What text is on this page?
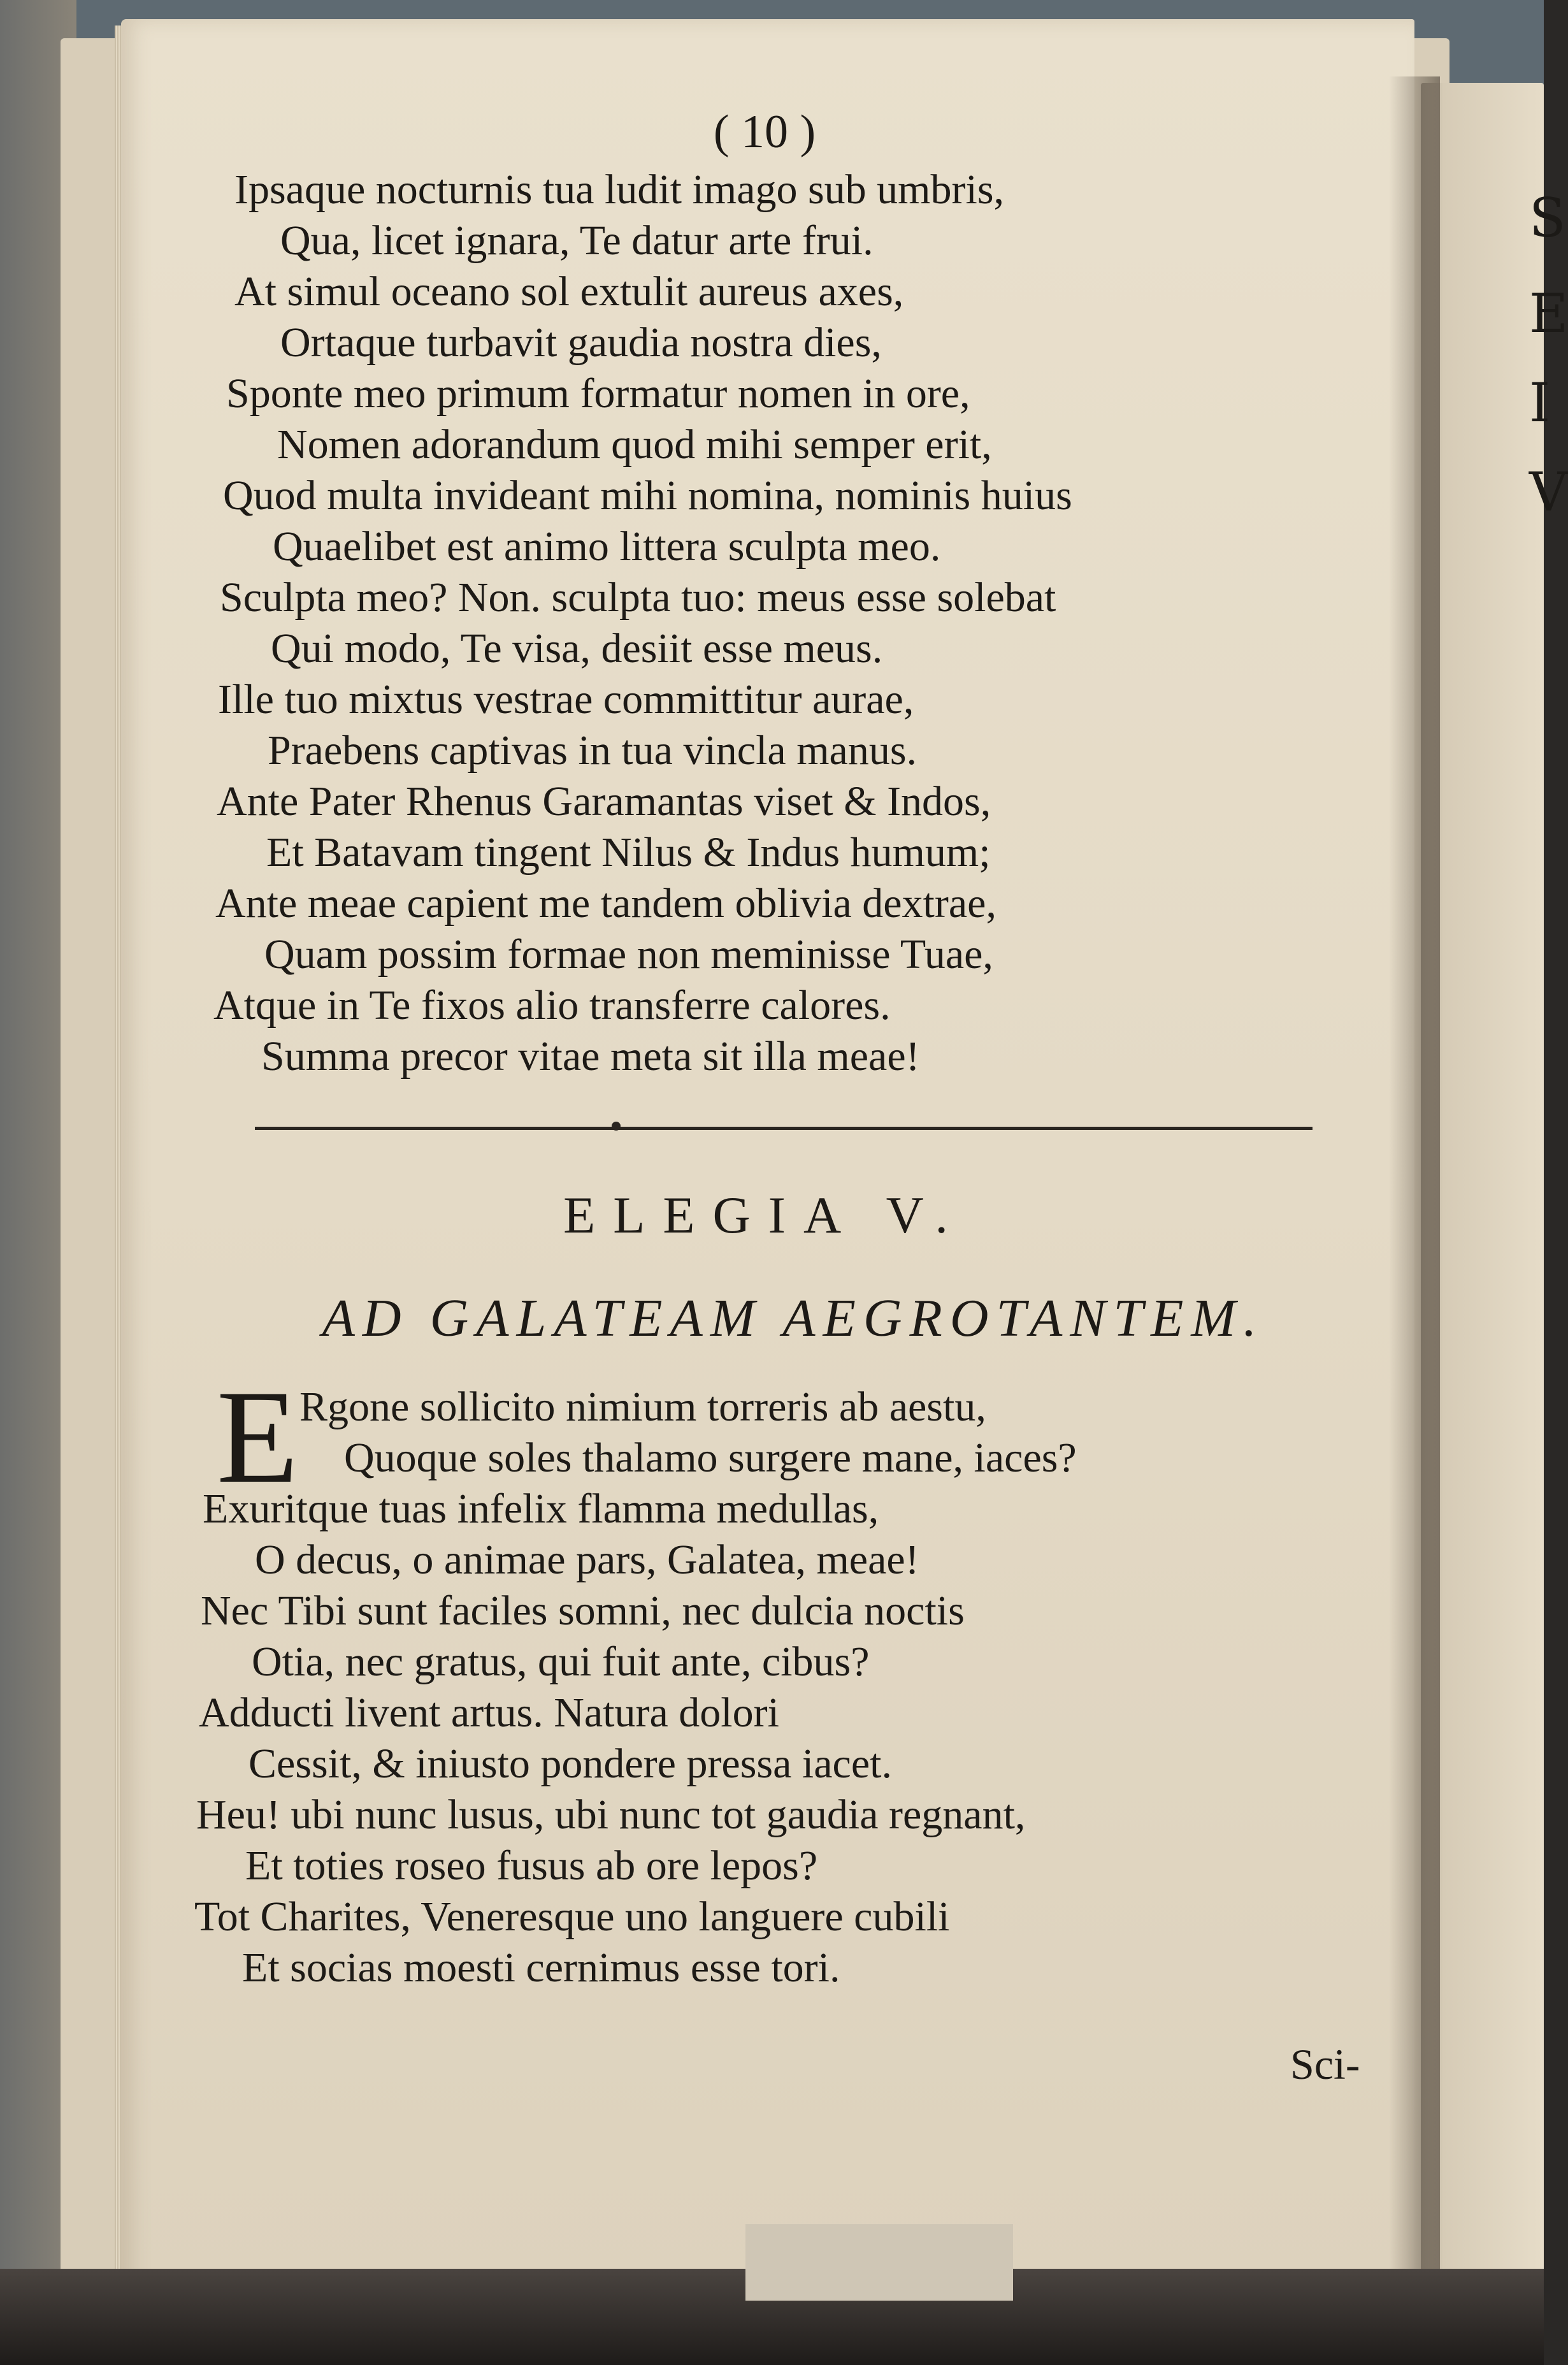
S
E
I
V
( 10 )
Ipsaque nocturnis tua ludit imago sub umbris,
Qua, licet ignara, Te datur arte frui.
At simul oceano sol extulit aureus axes,
Ortaque turbavit gaudia nostra dies,
Sponte meo primum formatur nomen in ore,
Nomen adorandum quod mihi semper erit,
Quod multa invideant mihi nomina, nominis huius
Quaelibet est animo littera sculpta meo.
Sculpta meo? Non. sculpta tuo: meus esse solebat
Qui modo, Te visa, desiit esse meus.
Ille tuo mixtus vestrae committitur aurae,
Praebens captivas in tua vincla manus.
Ante Pater Rhenus Garamantas viset & Indos,
Et Batavam tingent Nilus & Indus humum;
Ante meae capient me tandem oblivia dextrae,
Quam possim formae non meminisse Tuae,
Atque in Te fixos alio transferre calores.
Summa precor vitae meta sit illa meae!
ELEGIA V.
AD GALATEAM AEGROTANTEM.
E Rgone sollicito nimium torreris ab aestu,
Quoque soles thalamo surgere mane, iaces?
Exuritque tuas infelix flamma medullas,
O decus, o animae pars, Galatea, meae!
Nec Tibi sunt faciles somni, nec dulcia noctis
Otia, nec gratus, qui fuit ante, cibus?
Adducti livent artus. Natura dolori
Cessit, & iniusto pondere pressa iacet.
Heu! ubi nunc lusus, ubi nunc tot gaudia regnant,
Et toties roseo fusus ab ore lepos?
Tot Charites, Veneresque uno languere cubili
Et socias moesti cernimus esse tori.
Sci-
